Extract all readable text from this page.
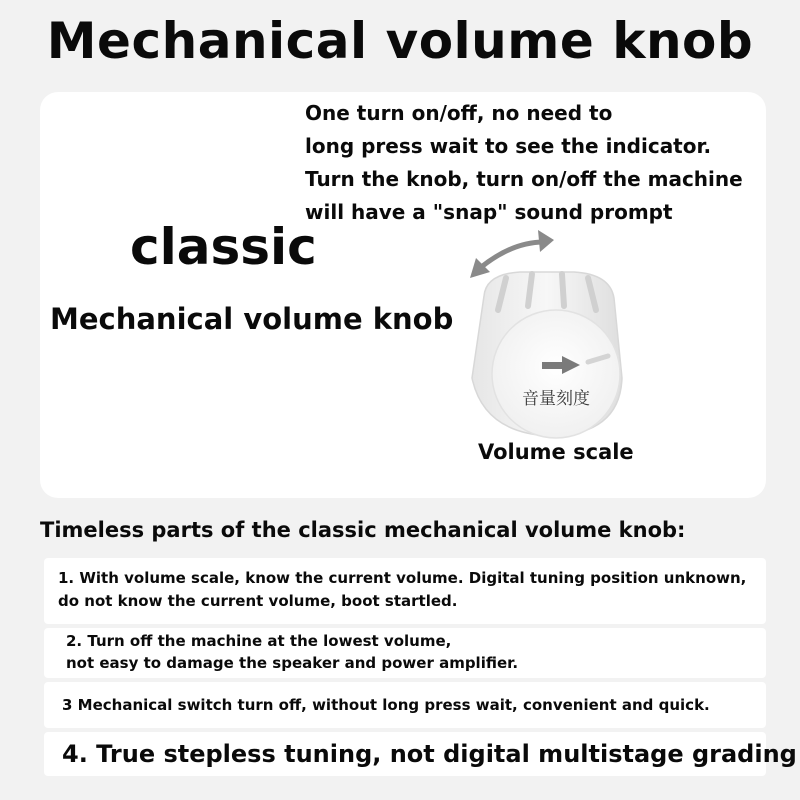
Mechanical volume knob
One turn on/off, no need to
long press wait to see the indicator.
Turn the knob, turn on/off the machine
will have a "snap" sound prompt
classic
Mechanical volume knob
音量刻度
Volume scale
Timeless parts of the classic mechanical volume knob:
1. With volume scale, know the current volume. Digital tuning position unknown,
do not know the current volume, boot startled.
2. Turn off the machine at the lowest volume,
not easy to damage the speaker and power amplifier.
3 Mechanical switch turn off, without long press wait, convenient and quick.
4. True stepless tuning, not digital multistage grading
